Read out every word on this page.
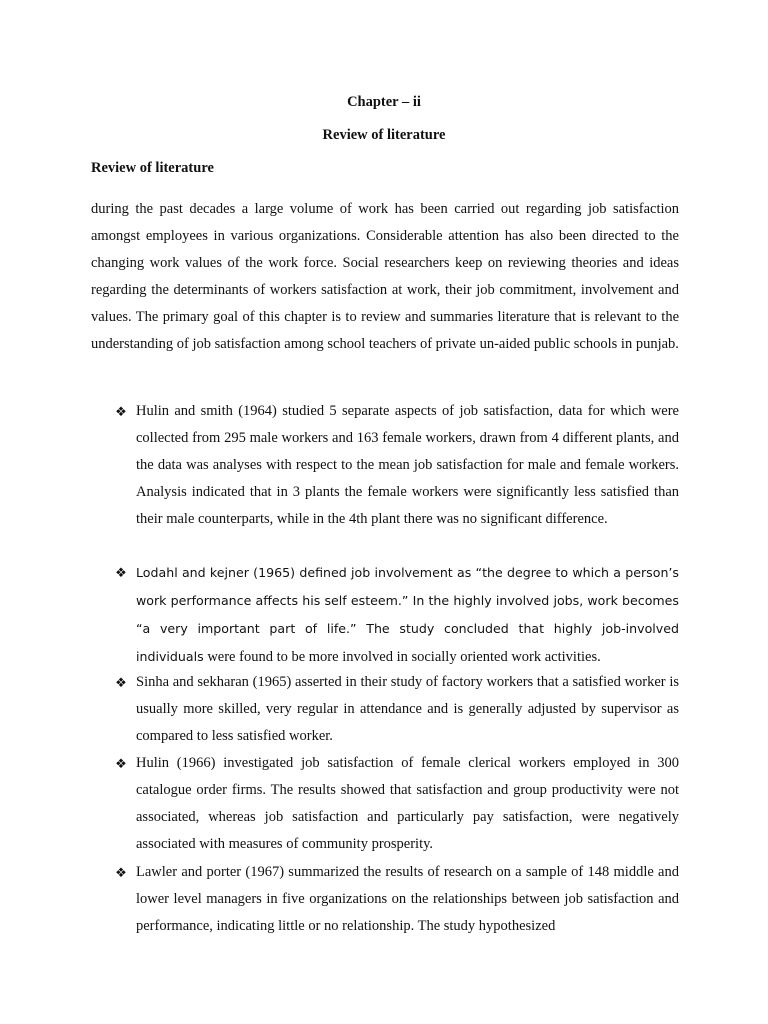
Chapter – ii
Review of literature
Review of literature

during the past decades a large volume of work has been carried out regarding job satisfaction amongst employees in various organizations. Considerable attention has also been directed to the changing work values of the work force. Social researchers keep on reviewing theories and ideas regarding the determinants of workers satisfaction at work, their job commitment, involvement and values. The primary goal of this chapter is to review and summaries literature that is relevant to the understanding of job satisfaction among school teachers of private un-aided public schools in punjab.

❖ Hulin and smith (1964) studied 5 separate aspects of job satisfaction, data for which were collected from 295 male workers and 163 female workers, drawn from 4 different plants, and the data was analyses with respect to the mean job satisfaction for male and female workers. Analysis indicated that in 3 plants the female workers were significantly less satisfied than their male counterparts, while in the 4th plant there was no significant difference.
❖ Lodahl and kejner (1965) defined job involvement as “the degree to which a person’s work performance affects his self esteem.” In the highly involved jobs, work becomes “a very important part of life.” The study concluded that highly job-involved individuals were found to be more involved in socially oriented work activities.
❖ Sinha and sekharan (1965) asserted in their study of factory workers that a satisfied worker is usually more skilled, very regular in attendance and is generally adjusted by supervisor as compared to less satisfied worker.
❖ Hulin (1966) investigated job satisfaction of female clerical workers employed in 300 catalogue order firms. The results showed that satisfaction and group productivity were not associated, whereas job satisfaction and particularly pay satisfaction, were negatively associated with measures of community prosperity.
❖ Lawler and porter (1967) summarized the results of research on a sample of 148 middle and lower level managers in five organizations on the relationships between job satisfaction and performance, indicating little or no relationship. The study hypothesized
